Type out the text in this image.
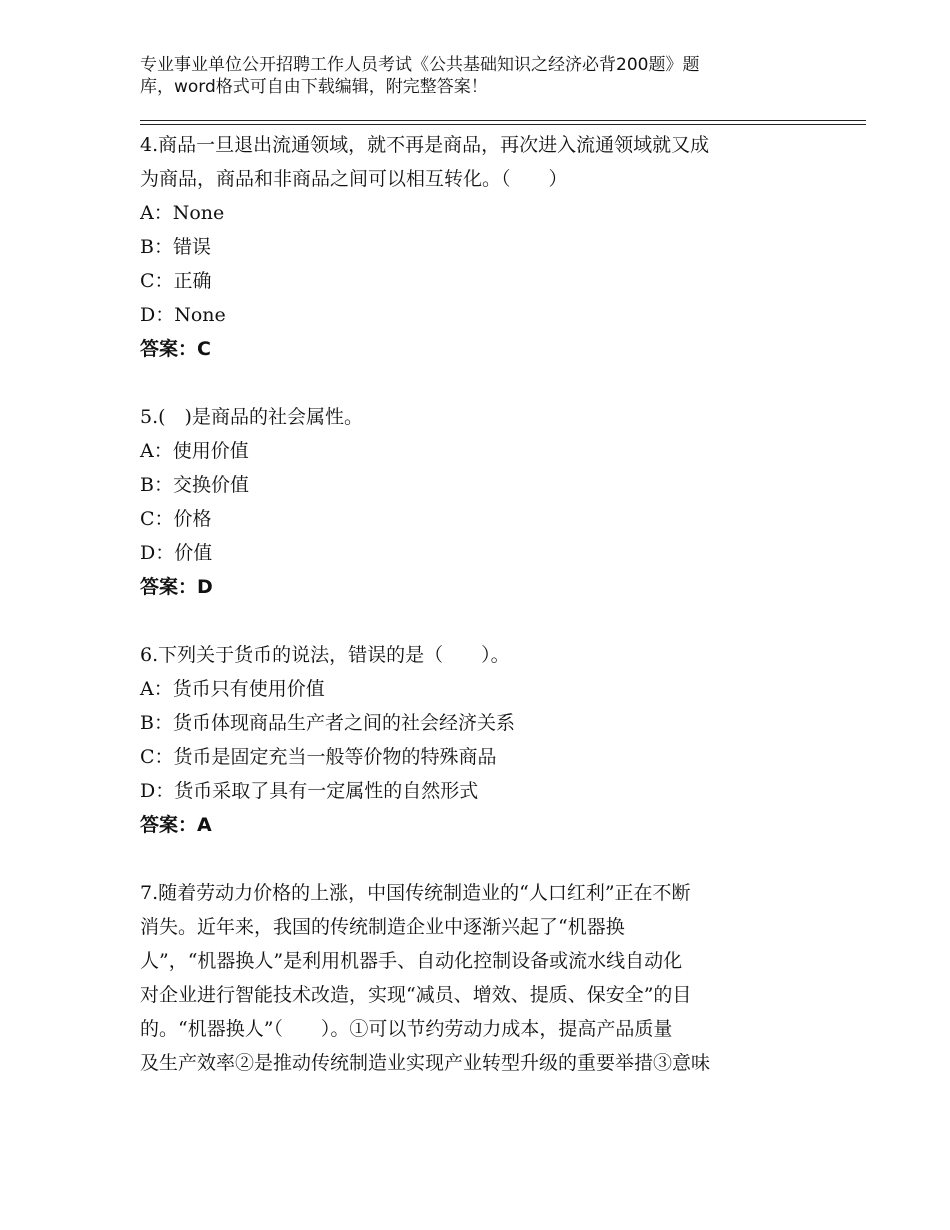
专业事业单位公开招聘工作人员考试《公共基础知识之经济必背200题》题
库，word格式可自由下载编辑，附完整答案！
4.商品一旦退出流通领域，就不再是商品，再次进入流通领域就又成
为商品，商品和非商品之间可以相互转化。（　　）
A：None
B：错误
C：正确
D：None
答案：C
5.(　)是商品的社会属性。
A：使用价值
B：交换价值
C：价格
D：价值
答案：D
6.下列关于货币的说法，错误的是（　　）。
A：货币只有使用价值
B：货币体现商品生产者之间的社会经济关系
C：货币是固定充当一般等价物的特殊商品
D：货币采取了具有一定属性的自然形式
答案：A
7.随着劳动力价格的上涨，中国传统制造业的“人口红利”正在不断
消失。近年来，我国的传统制造企业中逐渐兴起了“机器换
人”，“机器换人”是利用机器手、自动化控制设备或流水线自动化
对企业进行智能技术改造，实现“减员、增效、提质、保安全”的目
的。“机器换人”（　　）。①可以节约劳动力成本，提高产品质量
及生产效率②是推动传统制造业实现产业转型升级的重要举措③意味
